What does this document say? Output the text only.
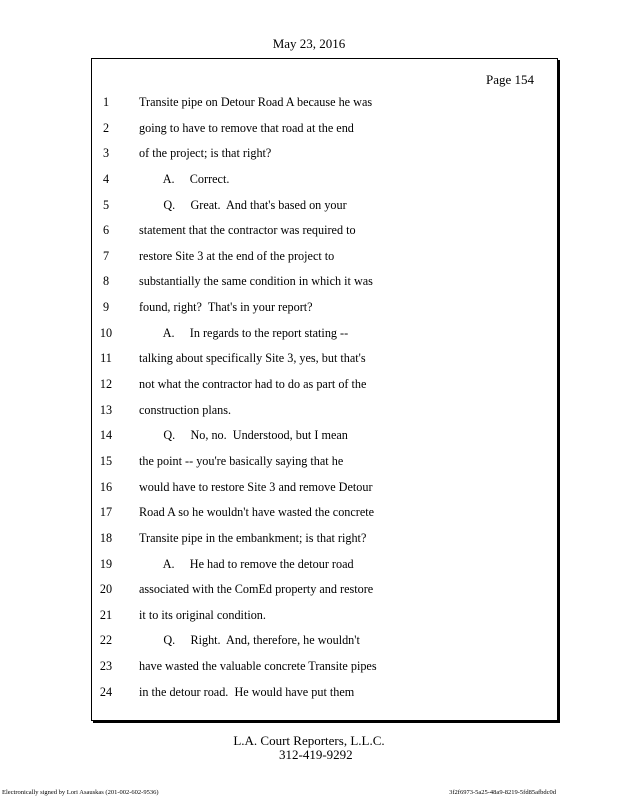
May 23, 2016
Page 154
1	Transite pipe on Detour Road A because he was
2	going to have to remove that road at the end
3	of the project; is that right?
4	A.     Correct.
5	Q.     Great.  And that's based on your
6	statement that the contractor was required to
7	restore Site 3 at the end of the project to
8	substantially the same condition in which it was
9	found, right?  That's in your report?
10	A.     In regards to the report stating --
11	talking about specifically Site 3, yes, but that's
12	not what the contractor had to do as part of the
13	construction plans.
14	Q.     No, no.  Understood, but I mean
15	the point -- you're basically saying that he
16	would have to restore Site 3 and remove Detour
17	Road A so he wouldn't have wasted the concrete
18	Transite pipe in the embankment; is that right?
19	A.     He had to remove the detour road
20	associated with the ComEd property and restore
21	it to its original condition.
22	Q.     Right.  And, therefore, he wouldn't
23	have wasted the valuable concrete Transite pipes
24	in the detour road.  He would have put them
L.A. Court Reporters, L.L.C.
312-419-9292
Electronically signed by Lori Asauskas (201-002-602-9536)	3f2f6973-5a25-48a9-8219-5fd85afbdc0d
